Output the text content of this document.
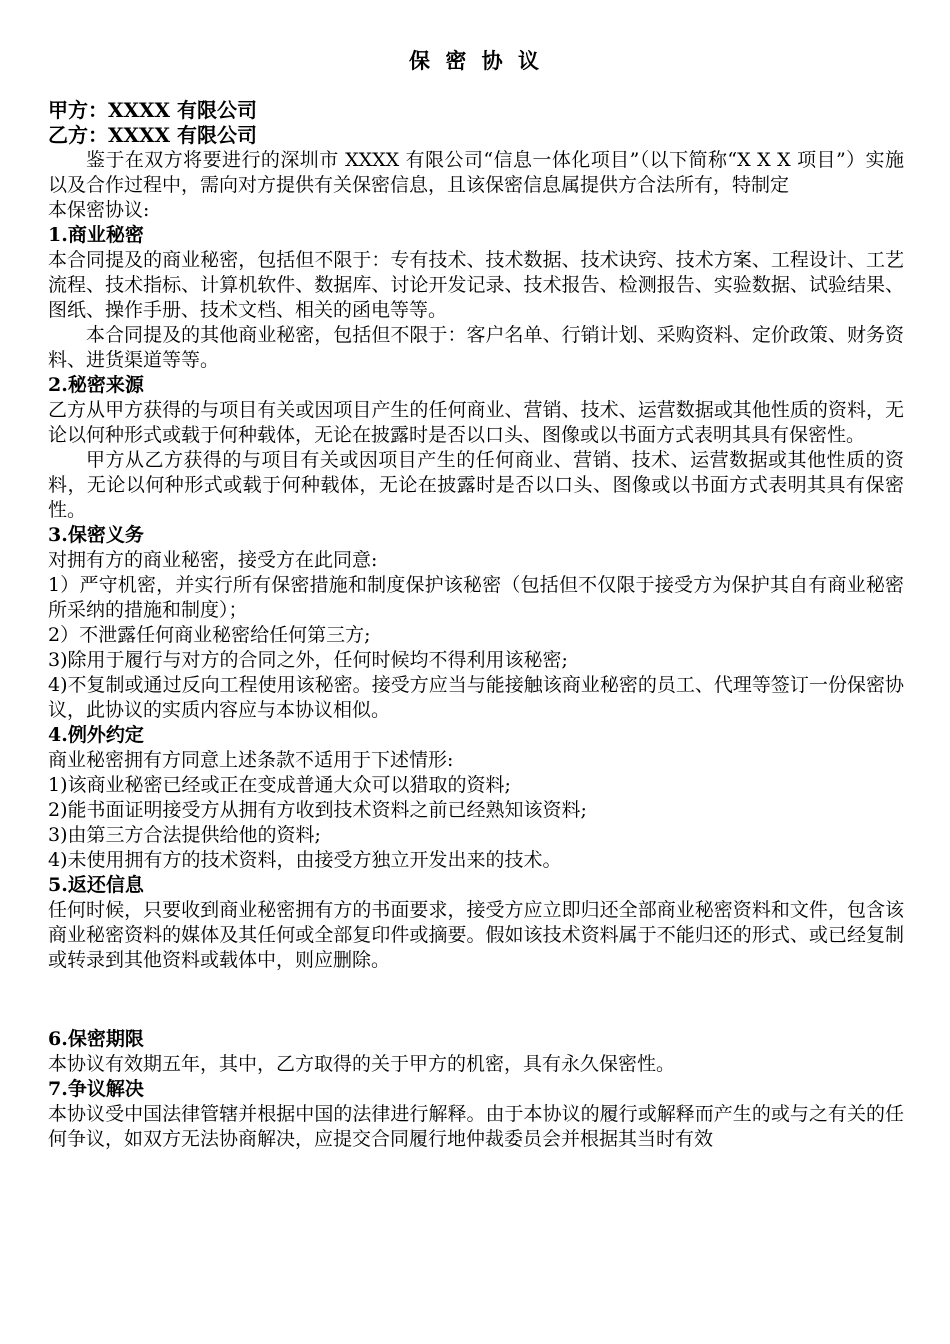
保 密 协 议
甲方：XXXX 有限公司
乙方：XXXX 有限公司

鉴于在双方将要进行的深圳市 XXXX 有限公司“信息一体化项目”（以下简称“X X X 项目”）实施以及合作过程中，需向对方提供有关保密信息，且该保密信息属提供方合法所有，特制定

本保密协议:

1.商业秘密

本合同提及的商业秘密，包括但不限于：专有技术、技术数据、技术诀窍、技术方案、工程设计、工艺流程、技术指标、计算机软件、数据库、讨论开发记录、技术报告、检测报告、实验数据、试验结果、图纸、操作手册、技术文档、相关的函电等等。

本合同提及的其他商业秘密，包括但不限于：客户名单、行销计划、采购资料、定价政策、财务资料、进货渠道等等。

2.秘密来源

乙方从甲方获得的与项目有关或因项目产生的任何商业、营销、技术、运营数据或其他性质的资料，无论以何种形式或载于何种载体，无论在披露时是否以口头、图像或以书面方式表明其具有保密性。

甲方从乙方获得的与项目有关或因项目产生的任何商业、营销、技术、运营数据或其他性质的资料，无论以何种形式或载于何种载体，无论在披露时是否以口头、图像或以书面方式表明其具有保密性。

3.保密义务

对拥有方的商业秘密，接受方在此同意:

1）严守机密，并实行所有保密措施和制度保护该秘密（包括但不仅限于接受方为保护其自有商业秘密所采纳的措施和制度）；

2）不泄露任何商业秘密给任何第三方;

3)除用于履行与对方的合同之外，任何时候均不得利用该秘密;

4)不复制或通过反向工程使用该秘密。接受方应当与能接触该商业秘密的员工、代理等签订一份保密协议，此协议的实质内容应与本协议相似。

4.例外约定

商业秘密拥有方同意上述条款不适用于下述情形:

1)该商业秘密已经或正在变成普通大众可以猎取的资料;

2)能书面证明接受方从拥有方收到技术资料之前已经熟知该资料;

3)由第三方合法提供给他的资料;

4)未使用拥有方的技术资料，由接受方独立开发出来的技术。

5.返还信息

任何时候，只要收到商业秘密拥有方的书面要求，接受方应立即归还全部商业秘密资料和文件，包含该商业秘密资料的媒体及其任何或全部复印件或摘要。假如该技术资料属于不能归还的形式、或已经复制或转录到其他资料或载体中，则应删除。

6.保密期限

本协议有效期五年，其中，乙方取得的关于甲方的机密，具有永久保密性。

7.争议解决

本协议受中国法律管辖并根据中国的法律进行解释。由于本协议的履行或解释而产生的或与之有关的任何争议，如双方无法协商解决，应提交合同履行地仲裁委员会并根据其当时有效
